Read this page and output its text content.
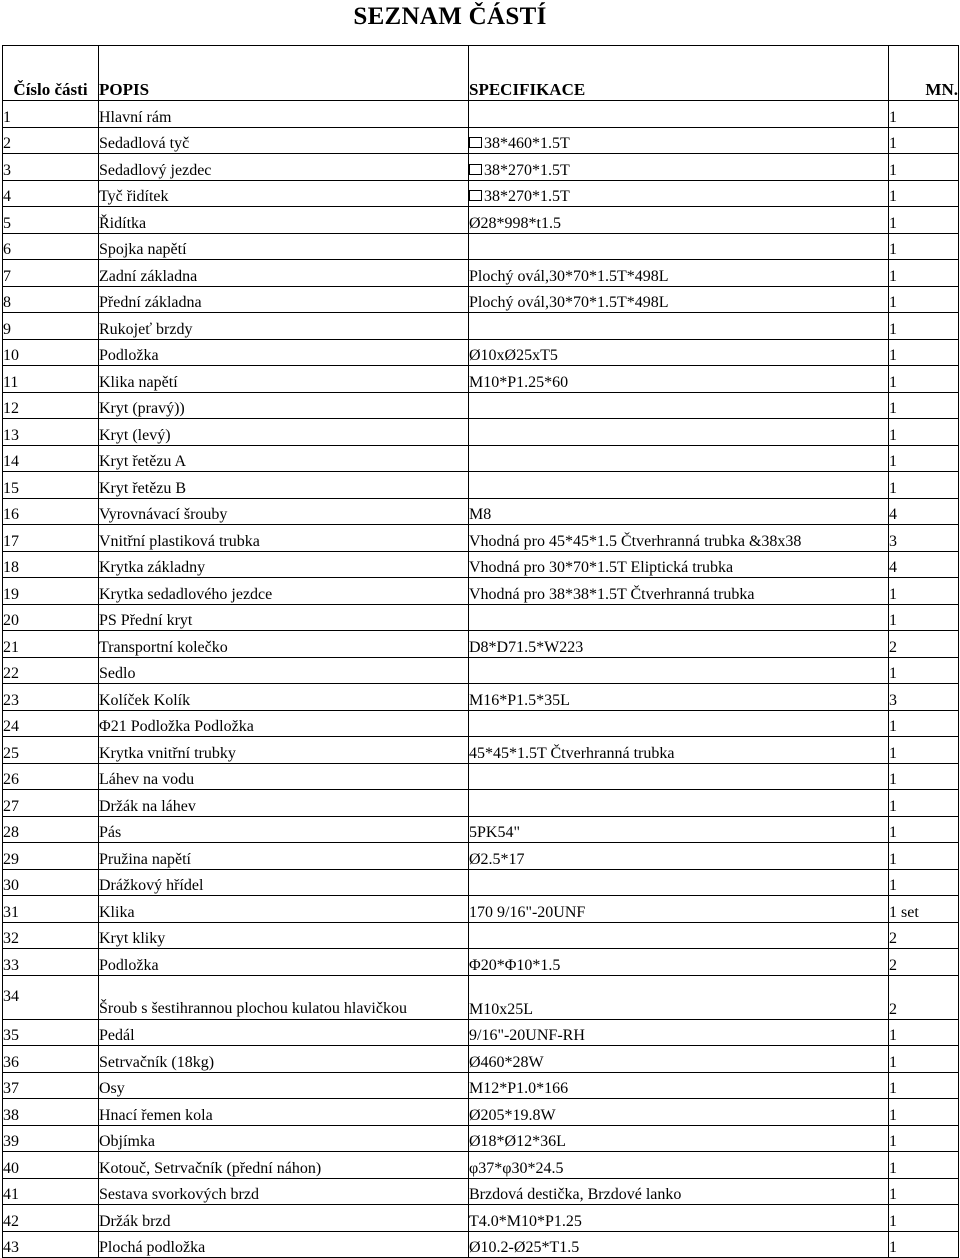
SEZNAM ČÁSTÍ
Číslo části	POPIS	SPECIFIKACE	MN.
1	Hlavní rám		1
2	Sedadlová tyč	38*460*1.5T	1
3	Sedadlový jezdec	38*270*1.5T	1
4	Tyč řidítek	38*270*1.5T	1
5	Řidítka	Ø28*998*t1.5	1
6	Spojka napětí		1
7	Zadní základna	Plochý ovál,30*70*1.5T*498L	1
8	Přední základna	Plochý ovál,30*70*1.5T*498L	1
9	Rukojeť brzdy		1
10	Podložka	Ø10xØ25xT5	1
11	Klika napětí	M10*P1.25*60	1
12	Kryt (pravý))		1
13	Kryt (levý)		1
14	Kryt řetězu A		1
15	Kryt řetězu B		1
16	Vyrovnávací šrouby	M8	4
17	Vnitřní plastiková trubka	Vhodná pro 45*45*1.5 Čtverhranná trubka &38x38	3
18	Krytka základny	Vhodná pro 30*70*1.5T Eliptická trubka	4
19	Krytka sedadlového jezdce	Vhodná pro 38*38*1.5T Čtverhranná trubka	1
20	PS Přední kryt		1
21	Transportní kolečko	D8*D71.5*W223	2
22	Sedlo		1
23	Kolíček Kolík	M16*P1.5*35L	3
24	Φ21 Podložka Podložka		1
25	Krytka vnitřní trubky	45*45*1.5T Čtverhranná trubka	1
26	Láhev na vodu		1
27	Držák na láhev		1
28	Pás	5PK54"	1
29	Pružina napětí	Ø2.5*17	1
30	Drážkový hřídel		1
31	Klika	170 9/16"-20UNF	1 set
32	Kryt kliky		2
33	Podložka	Φ20*Φ10*1.5	2
34	Šroub s šestihrannou plochou kulatou hlavičkou	M10x25L	2
35	Pedál	9/16"-20UNF-RH	1
36	Setrvačník (18kg)	Ø460*28W	1
37	Osy	M12*P1.0*166	1
38	Hnací řemen kola	Ø205*19.8W	1
39	Objímka	Ø18*Ø12*36L	1
40	Kotouč, Setrvačník (přední náhon)	φ37*φ30*24.5	1
41	Sestava svorkových brzd	Brzdová destička, Brzdové lanko	1
42	Držák brzd	T4.0*M10*P1.25	1
43	Plochá podložka	Ø10.2-Ø25*T1.5	1
